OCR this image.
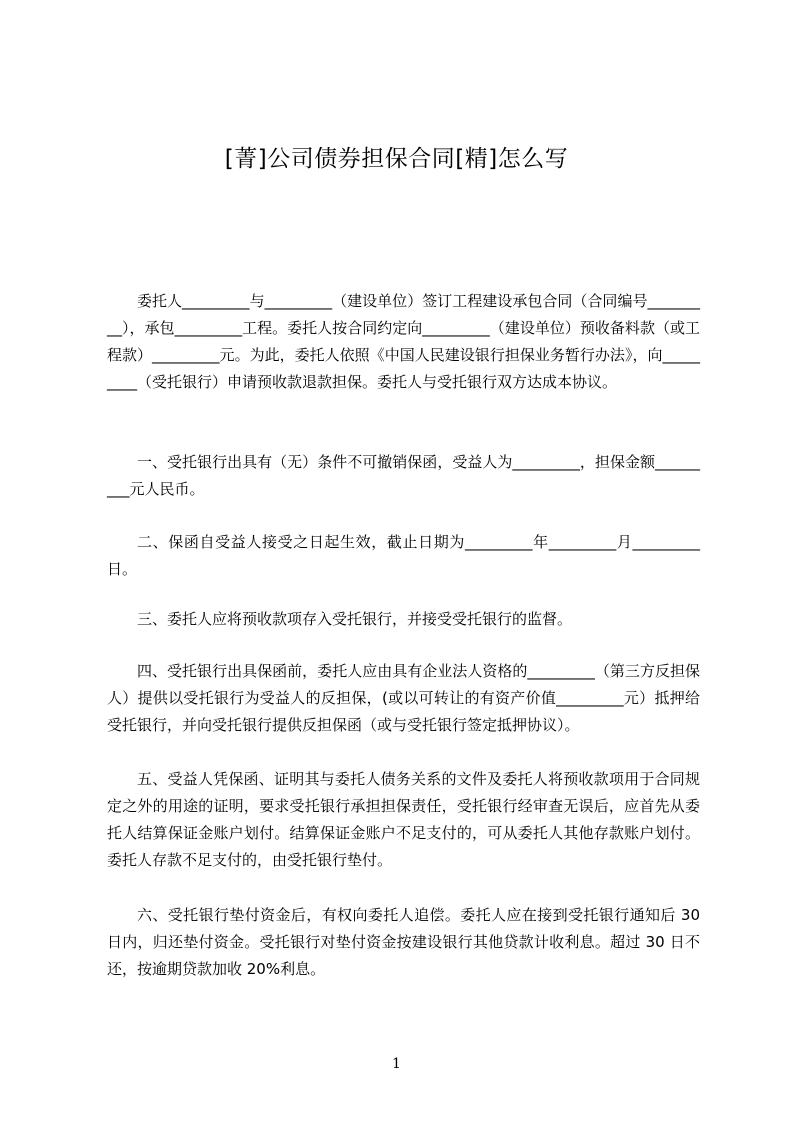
[菁]公司债券担保合同[精]怎么写

委托人_________与_________（建设单位）签订工程建设承包合同（合同编号_________），承包_________工程。委托人按合同约定向_________（建设单位）预收备料款（或工程款）_________元。为此，委托人依照《中国人民建设银行担保业务暂行办法》，向_________（受托银行）申请预收款退款担保。委托人与受托银行双方达成本协议。

一、受托银行出具有（无）条件不可撤销保函，受益人为_________，担保金额_________元人民币。

二、保函自受益人接受之日起生效，截止日期为_________年_________月_________日。

三、委托人应将预收款项存入受托银行，并接受受托银行的监督。

四、受托银行出具保函前，委托人应由具有企业法人资格的_________（第三方反担保人）提供以受托银行为受益人的反担保，(或以可转让的有资产价值_________元）抵押给受托银行，并向受托银行提供反担保函（或与受托银行签定抵押协议）。

五、受益人凭保函、证明其与委托人债务关系的文件及委托人将预收款项用于合同规定之外的用途的证明，要求受托银行承担担保责任，受托银行经审查无误后，应首先从委托人结算保证金账户划付。结算保证金账户不足支付的，可从委托人其他存款账户划付。委托人存款不足支付的，由受托银行垫付。

六、受托银行垫付资金后，有权向委托人追偿。委托人应在接到受托银行通知后 30 日内，归还垫付资金。受托银行对垫付资金按建设银行其他贷款计收利息。超过 30 日不还，按逾期贷款加收 20%利息。

1
